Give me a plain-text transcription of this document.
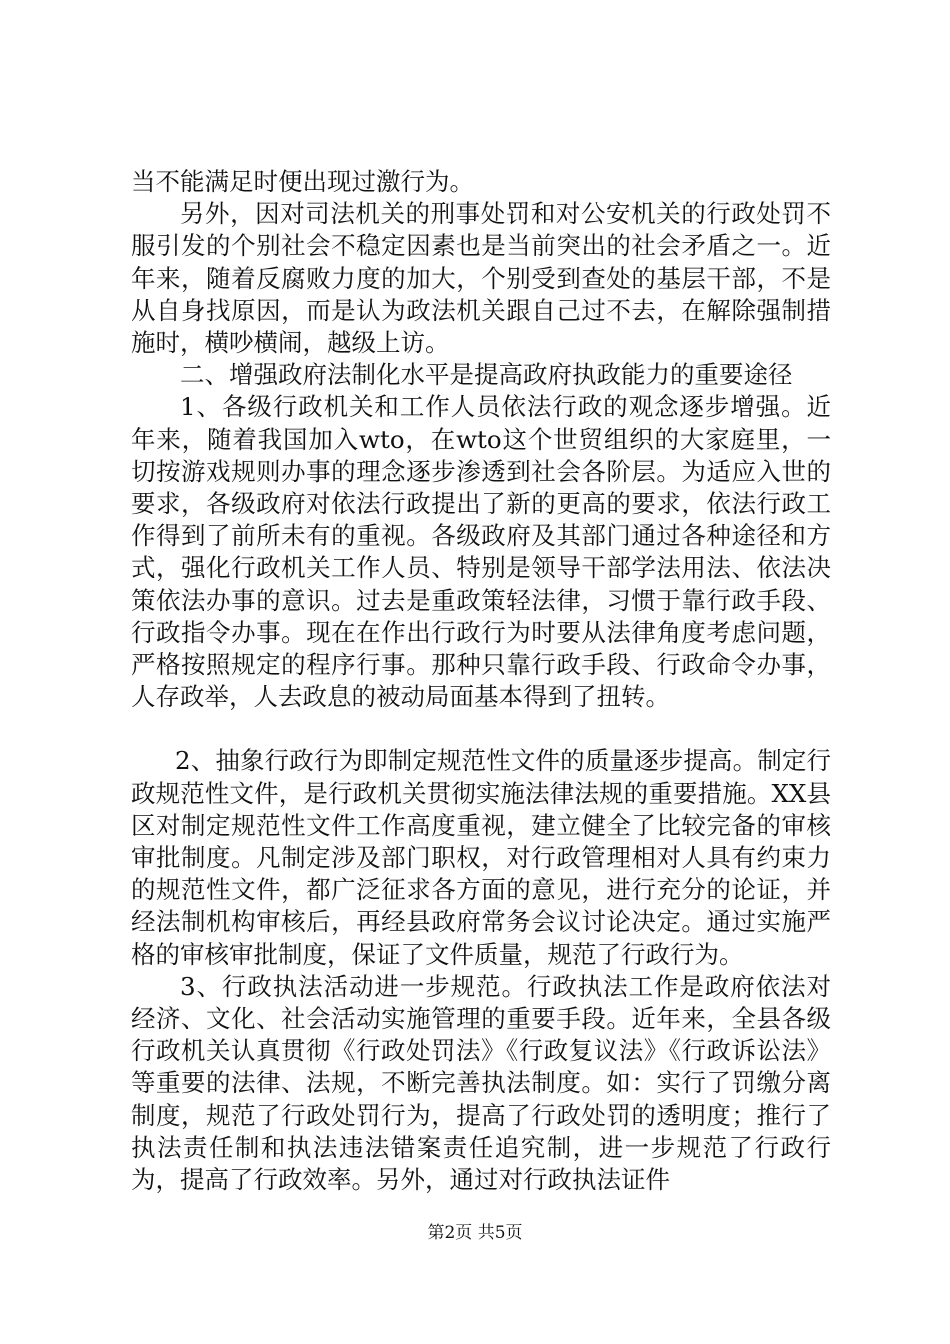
当不能满足时便出现过激行为。

另外，因对司法机关的刑事处罚和对公安机关的行政处罚不服引发的个别社会不稳定因素也是当前突出的社会矛盾之一。近年来，随着反腐败力度的加大，个别受到查处的基层干部，不是从自身找原因，而是认为政法机关跟自己过不去，在解除强制措施时，横吵横闹，越级上访。

二、增强政府法制化水平是提高政府执政能力的重要途径

1、各级行政机关和工作人员依法行政的观念逐步增强。近年来，随着我国加入wto，在wto这个世贸组织的大家庭里，一切按游戏规则办事的理念逐步渗透到社会各阶层。为适应入世的要求，各级政府对依法行政提出了新的更高的要求，依法行政工作得到了前所未有的重视。各级政府及其部门通过各种途径和方式，强化行政机关工作人员、特别是领导干部学法用法、依法决策依法办事的意识。过去是重政策轻法律，习惯于靠行政手段、行政指令办事。现在在作出行政行为时要从法律角度考虑问题，严格按照规定的程序行事。那种只靠行政手段、行政命令办事，人存政举，人去政息的被动局面基本得到了扭转。

2、抽象行政行为即制定规范性文件的质量逐步提高。制定行政规范性文件，是行政机关贯彻实施法律法规的重要措施。XX县区对制定规范性文件工作高度重视，建立健全了比较完备的审核审批制度。凡制定涉及部门职权，对行政管理相对人具有约束力的规范性文件，都广泛征求各方面的意见，进行充分的论证，并经法制机构审核后，再经县政府常务会议讨论决定。通过实施严格的审核审批制度，保证了文件质量，规范了行政行为。

3、行政执法活动进一步规范。行政执法工作是政府依法对经济、文化、社会活动实施管理的重要手段。近年来，全县各级行政机关认真贯彻《行政处罚法》《行政复议法》《行政诉讼法》等重要的法律、法规，不断完善执法制度。如：实行了罚缴分离制度，规范了行政处罚行为，提高了行政处罚的透明度；推行了执法责任制和执法违法错案责任追究制，进一步规范了行政行为，提高了行政效率。另外，通过对行政执法证件

第2页 共5页
